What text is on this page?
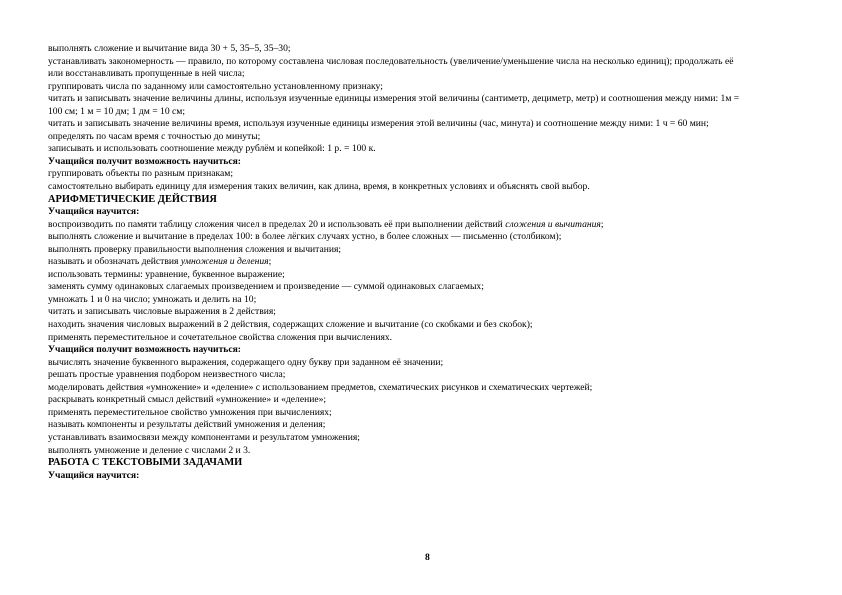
выполнять сложение и вычитание вида 30 + 5, 35–5, 35–30;

устанавливать закономерность — правило, по которому составлена числовая последовательность (увеличение/уменьшение числа на несколько единиц); продолжать её или восстанавливать пропущенные в ней числа;

группировать числа по заданному или самостоятельно установленному признаку;

читать и записывать значение величины длины, используя изученные единицы измерения этой величины (сантиметр, дециметр, метр) и соотношения между ними: 1м = 100 см; 1 м = 10 дм; 1 дм = 10 см;

читать и записывать значение величины время, используя изученные единицы измерения этой величины (час, минута) и соотношение между ними: 1 ч = 60 мин; определять по часам время с точностью до минуты;

записывать и использовать соотношение между рублём и копейкой: 1 р. = 100 к.

Учащийся получит возможность научиться:

группировать объекты по разным признакам;

самостоятельно выбирать единицу для измерения таких величин, как длина, время, в конкретных условиях и объяснять свой выбор.

АРИФМЕТИЧЕСКИЕ ДЕЙСТВИЯ

Учащийся научится:

воспроизводить по памяти таблицу сложения чисел в пределах 20 и использовать её при выполнении действий сложения и вычитания;

выполнять сложение и вычитание в пределах 100: в более лёгких случаях устно, в более сложных — письменно (столбиком);

выполнять проверку правильности выполнения сложения и вычитания;

называть и обозначать действия умножения и деления;

использовать термины: уравнение, буквенное выражение;

заменять сумму одинаковых слагаемых произведением и произведение — суммой одинаковых слагаемых;

умножать 1 и 0 на число; умножать и делить на 10;

читать и записывать числовые выражения в 2 действия;

находить значения числовых выражений в 2 действия, содержащих сложение и вычитание (со скобками и без скобок);

применять переместительное и сочетательное свойства сложения при вычислениях.

Учащийся получит возможность научиться:

вычислять значение буквенного выражения, содержащего одну букву при заданном её значении;

решать простые уравнения подбором неизвестного числа;

моделировать действия «умножение» и «деление» с использованием предметов, схематических рисунков и схематических чертежей;

раскрывать конкретный смысл действий «умножение» и «деление»;

применять переместительное свойство умножения при вычислениях;

называть компоненты и результаты действий умножения и деления;

устанавливать взаимосвязи между компонентами и результатом умножения;

выполнять умножение и деление с числами 2 и 3.

РАБОТА С ТЕКСТОВЫМИ ЗАДАЧАМИ

Учащийся научится:

8
